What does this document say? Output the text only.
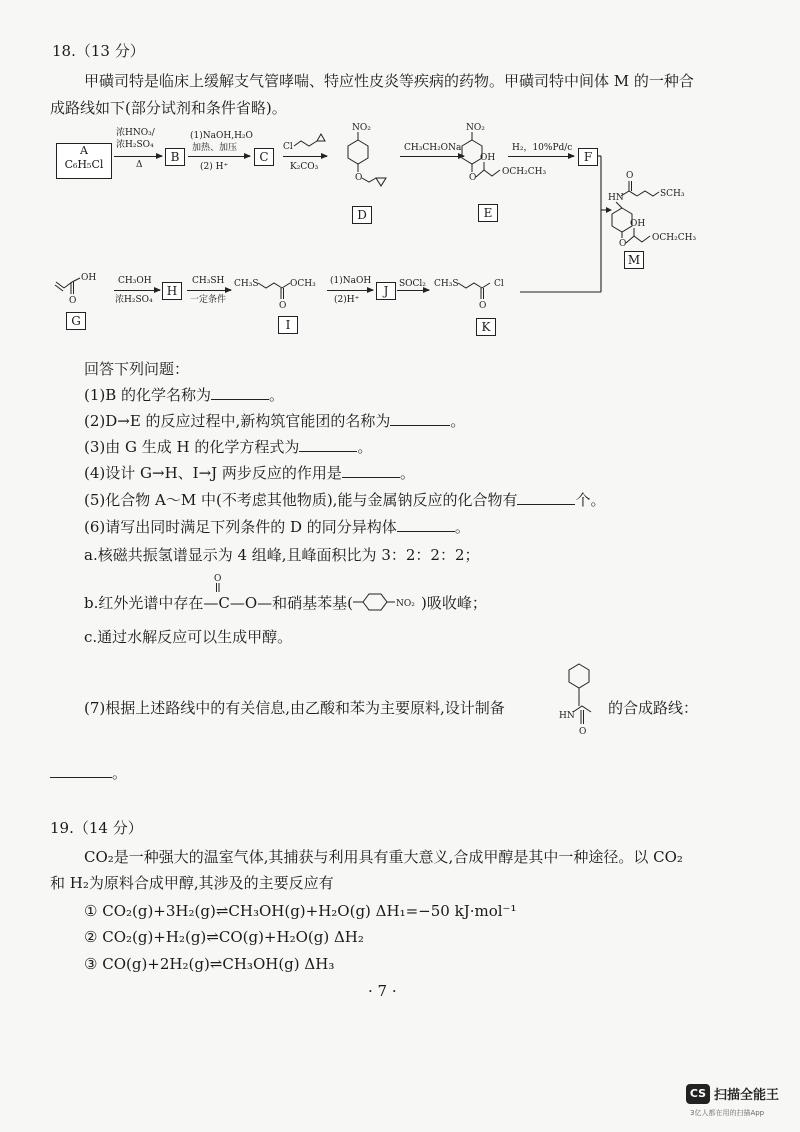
18.（13 分）
甲磺司特是临床上缓解支气管哮喘、特应性皮炎等疾病的药物。甲磺司特中间体 M 的一种合
成路线如下(部分试剂和条件省略)。
A
C₆H₅Cl
浓HNO₃/
浓H₂SO₄
Δ
B
(1)NaOH,H₂O
加热、加压
(2) H⁺
C
Cl
K₂CO₃
NO₂
O
D
CH₃CH₂ONa
NO₂
O
OH
OCH₂CH₃
E
H₂，10%Pd/c
F
HN
O
SCH₃
O
OH
OCH₂CH₃
M
OH
O
G
CH₃OH
浓H₂SO₄
H
CH₃SH
一定条件
CH₃S
O
OCH₃
I
(1)NaOH
(2)H⁺
J	SOCl₂ CH₃S
O
Cl
K
回答下列问题：
(1)B 的化学名称为	。
(2)D→E 的反应过程中,新构筑官能团的名称为	。
(3)由 G 生成 H 的化学方程式为	。
(4)设计 G→H、I→J 两步反应的作用是	。
(5)化合物 A～M 中(不考虑其他物质),能与金属钠反应的化合物有	个。
(6)请写出同时满足下列条件的 D 的同分异构体	。
a.核磁共振氢谱显示为 4 组峰,且峰面积比为 3：2：2：2；
b.红外光谱中存在—C—O—
O
和硝基苯基(	NO₂ )吸收峰；
c.通过水解反应可以生成甲醇。
(7)根据上述路线中的有关信息,由乙酸和苯为主要原料,设计制备	HN
O
的合成路线：
。
19.（14 分）
CO₂是一种强大的温室气体,其捕获与利用具有重大意义,合成甲醇是其中一种途径。以 CO₂
和 H₂为原料合成甲醇,其涉及的主要反应有
① CO₂(g)+3H₂(g)⇌CH₃OH(g)+H₂O(g) ΔH₁=−50 kJ·mol⁻¹
② CO₂(g)+H₂(g)⇌CO(g)+H₂O(g) ΔH₂
③ CO(g)+2H₂(g)⇌CH₃OH(g) ΔH₃
· 7 ·
CS 扫描全能王
3亿人都在用的扫描App
